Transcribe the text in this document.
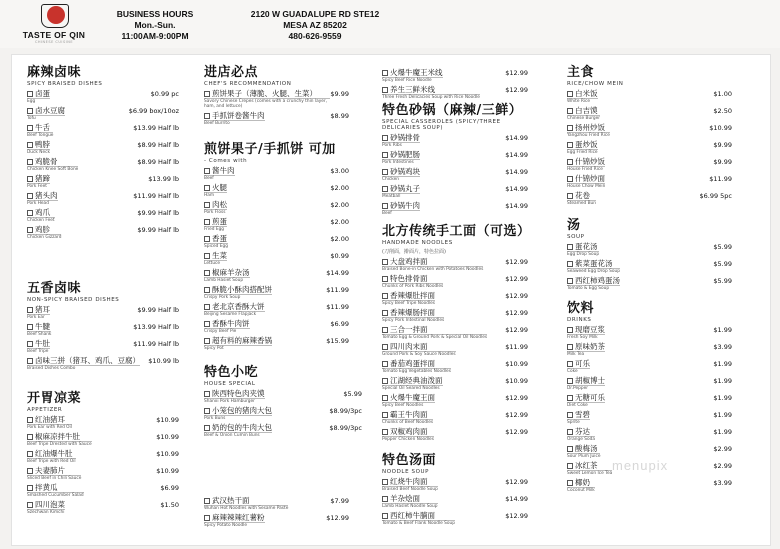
TASTE OF QIN
CHINESE CUISINE
BUSINESS HOURS
Mon.-Sun.
11:00AM-9:00PM
2120 W GUADALUPE RD STE12
MESA AZ 85202
480-626-9559
麻辣卤味
SPICY BRAISED DISHES
卤蛋
Egg
$0.99 pc
卤水豆腐
Tofu
$6.99 box/10oz
牛舌
Beef Tongue
$13.99 Half lb
鸭脖
Duck Neck
$8.99 Half lb
鸡脆骨
Chicken Knee Soft Bone
$8.99 Half lb
猪蹄
Pork Feet
$13.99 lb
猪头肉
Pork Head
$11.99 Half lb
鸡爪
Chicken Feet
$9.99 Half lb
鸡胗
Chicken Gizzard
$9.99 Half lb
五香卤味
NON-SPICY BRAISED DISHES
猪耳
Pork Ear
$9.99 Half lb
牛腱
Beef Shank
$13.99 Half lb
牛肚
Beef Tripe
$11.99 Half lb
卤味三拼（猪耳、鸡爪、豆腐）
Braised Dishes Combo
$10.99 lb
开胃凉菜
APPETIZER
红油猪耳
Pork Ear with Red Oil
$10.99
椒麻凉拌牛肚
Beef Tripe Drested with Sauce
$10.99
红油爆牛肚
Beef Tripe with Red Oil
$10.99
夫妻肺片
Sliced Beef in Chili Sauce
$10.99
拌黄瓜
Smashed Cucumber Salad
$6.99
四川泡菜
Szechwan Kimchi
$1.50
进店必点
CHEF'S RECOMMENDATION
煎饼果子（薄脆、火腿、生菜）
Savory Chinese Crepes (comes with a crunchy thin layer, ham, and lettuce)
$9.99
手抓饼卷酱牛肉
Beef Burrito
$8.99
煎饼果子/手抓饼 可加
- Comes with
酱牛肉
Beef
$3.00
火腿
Ham
$2.00
肉松
Pork Floss
$2.00
煎蛋
Fried Egg
$2.00
香蛋
Spiced Egg
$2.00
生菜
Lettuce
$0.99
椒麻羊杂汤
Lamb Hasiet Soup
$14.99
酥脆小酥肉搭配饼
Crispy Pork Soup
$11.99
老北京香酥大饼
Beijing Sesame Flapjack
$11.99
香酥牛肉饼
Crispy Beef Pie
$6.99
超有料的麻辣香锅
Spicy Pot
$15.99
特色小吃
HOUSE SPECIAL
陕西特色肉夹馍
Shanxi Pork Hamburger
$5.99
小笼包的猪肉大包
Pork Buns
$8.99/3pc
奶的包的牛肉大包
Beef & Onion Cumin Buns
$8.99/3pc
武汉热干面
Wuhan Hot Noodles with Sesame Paste
$7.99
麻辣辣辣红薯粉
Spicy Potato Noodle
$12.99
火爆牛魔王米线
Spicy Beef Rice Noodle
$12.99
养生三鲜米线
Three Fresh Delicacies Soup with Rice Noodle
$12.99
特色砂锅（麻辣/三鲜）
SPECIAL CASSEROLES (SPICY/THREE DELICARIES SOUP)
砂锅排骨
Pork Ribs
$14.99
砂锅肥肠
Pork Intestines
$14.99
砂锅鸡块
Chicken
$14.99
砂锅丸子
Meatball
$14.99
砂锅牛肉
Beef
$14.99
北方传统手工面（可选）
HANDMADE NOODLES
(刀削面，擀面片，特色拉面)
大盘鸡拌面
Braised Bone-in Chicken with Potatoes Noodles
$12.99
特色排骨面
Chunks of Pork Ribs Noodles
$12.99
香辣爆肚拌面
Spicy Beef Tripe Noodles
$12.99
香辣爆肠拌面
Spicy Pork Intestinal Noodles
$12.99
三合一拌面
Tomato Egg & Ground Pork & Special Oil Noodles
$12.99
四川肉末面
Ground Pork & Soy Sauce Noodles
$11.99
番茄鸡蛋拌面
Tomato Egg Vegetables Noodles
$10.99
江湖经典油泼面
Special Oil Seared Noodles
$10.99
火爆牛魔王面
Spicy Beef Noodles
$12.99
霸王牛肉面
Chunks of Beef Noodles
$12.99
双椒鸡肉面
Pepper Chicken Noodles
$12.99
特色汤面
NOODLE SOUP
红烧牛肉面
Braised Beef Noodle Soup
$12.99
羊杂烩面
Lamb Haslet Noodle Soup
$14.99
西红柿牛腩面
Tomato & Beef Flank Noodle Soup
$12.99
主食
RICE/CHOW MEIN
白米饭
White Rice
$1.00
白吉馍
Chinese Burger
$2.50
扬州炒饭
Yangzhou Fried Rice
$10.99
蛋炒饭
Egg Fried Rice
$9.99
什锦炒饭
House Fried Rice
$9.99
什锦炒面
House Chow Mein
$11.99
花卷
Steamed Bun
$6.99 5pc
汤
SOUP
蛋花汤
Egg Drop Soup
$5.99
紫菜蛋花汤
Seaweed Egg Drop Soup
$5.99
西红柿鸡蛋汤
Tomato & Egg Soup
$5.99
饮料
DRINKS
现磨豆浆
Fresh Soy Milk
$1.99
原味奶茶
Milk Tea
$3.99
可乐
Coke
$1.99
胡椒博士
Dr.Pepper
$1.99
无糖可乐
Diet Coke
$1.99
雪碧
Sprite
$1.99
芬达
Orange Soda
$1.99
酸梅汤
Sour Plum Juice
$2.99
冰红茶
Sweet Lemon Ice Tea
$2.99
椰奶
Coconut Milk
$3.99
menupix
